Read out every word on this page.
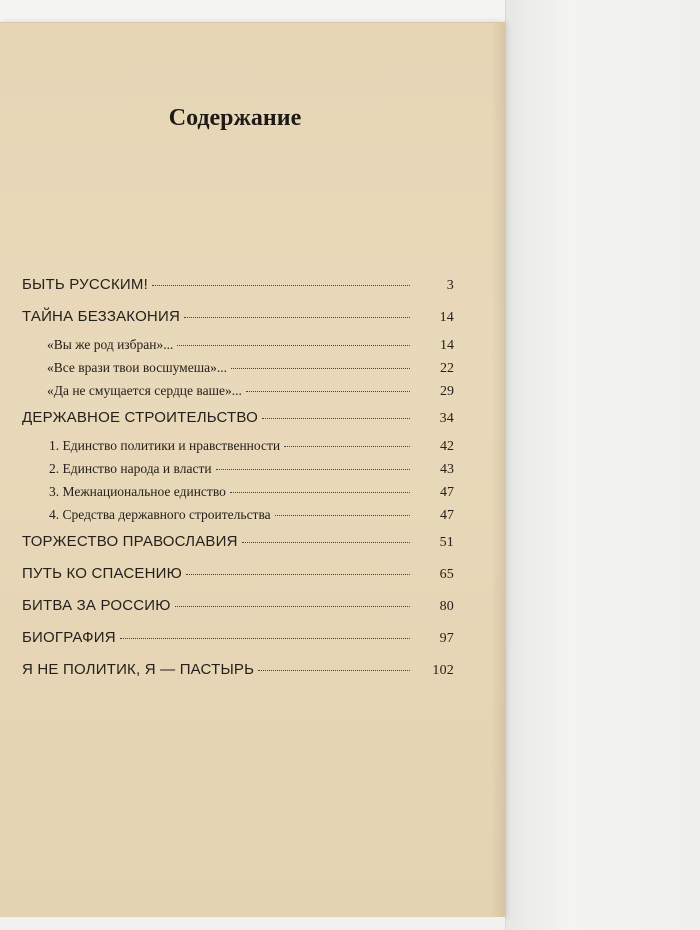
Содержание
БЫТЬ РУССКИМ!	3
ТАЙНА БЕЗЗАКОНИЯ	14
«Вы же род избран»...	14
«Все врази твои восшумеша»...	22
«Да не смущается сердце ваше»...	29
ДЕРЖАВНОЕ СТРОИТЕЛЬСТВО	34
1. Единство политики и нравственности	42
2. Единство народа и власти	43
3. Межнациональное единство	47
4. Средства державного строительства	47
ТОРЖЕСТВО ПРАВОСЛАВИЯ	51
ПУТЬ КО СПАСЕНИЮ	65
БИТВА ЗА РОССИЮ	80
БИОГРАФИЯ	97
Я НЕ ПОЛИТИК, Я — ПАСТЫРЬ	102
